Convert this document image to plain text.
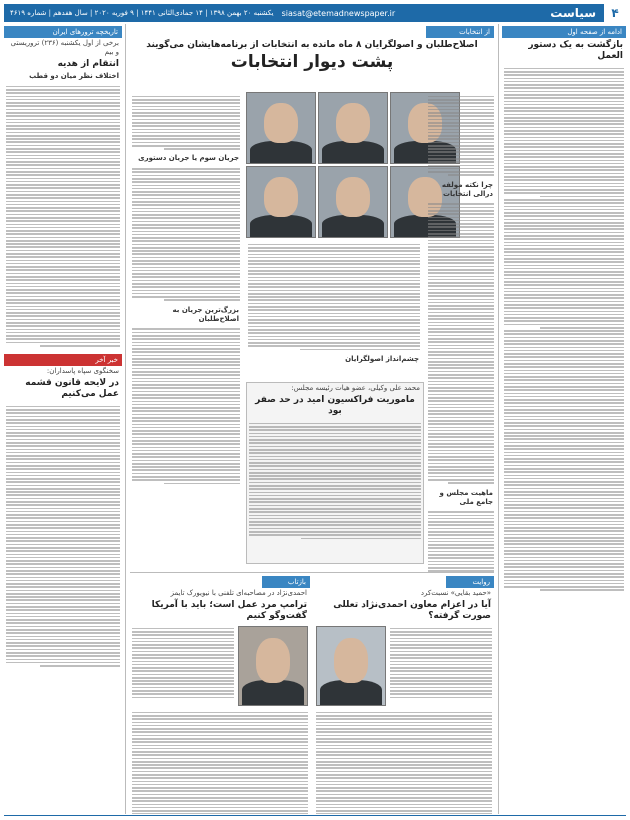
۴
سیاست
siasat@etemadnewspaper.ir
یکشنبه ۲۰ بهمن ۱۳۹۸ | ۱۴ جمادی‌الثانی ۱۴۴۱ | ۹ فوریه ۲۰۲۰ | سال هفدهم | شماره ۴۶۱۹
ادامه از صفحه اول
بازگشت به یک دستور العمل
از انتخابات
اصلاح‌طلبان و اصولگرایان ۸ ماه مانده به انتخابات از برنامه‌هایشان می‌گویند
پشت دیوار انتخابات
چرا نکته مولفه درالی انتخابات
ماهیت مجلس و جامع ملی
جریان سوم یا جریان دستوری
بزرگ‌ترین جریان به اصلاح‌طلبان
چشم‌انداز اصولگرایان
محمد علی وکیلی، عضو هیات رئیسه مجلس:
ماموریت فراکسیون امید در حد صفر بود
روایت
«حمید بقایی» نسبت‌کرد
آیا در اعزام معاون احمدی‌نژاد تعللی صورت گرفته؟
بازتاب
احمدی‌نژاد در مصاحبه‌ای تلفنی با نیویورک تایمز
ترامپ مرد عمل است؛ باید با آمریکا گفت‌وگو کنیم
تاریخچه ترورهای ایران
برخی از اول یکشنبه (۲۳۶) تروریستی و بیم
انتقام از هدیه
اختلاف نظر میان دو قطب
خبر آخر
سخنگوی سپاه پاسداران:
در لایحه قانون قشمه عمل می‌کنیم
